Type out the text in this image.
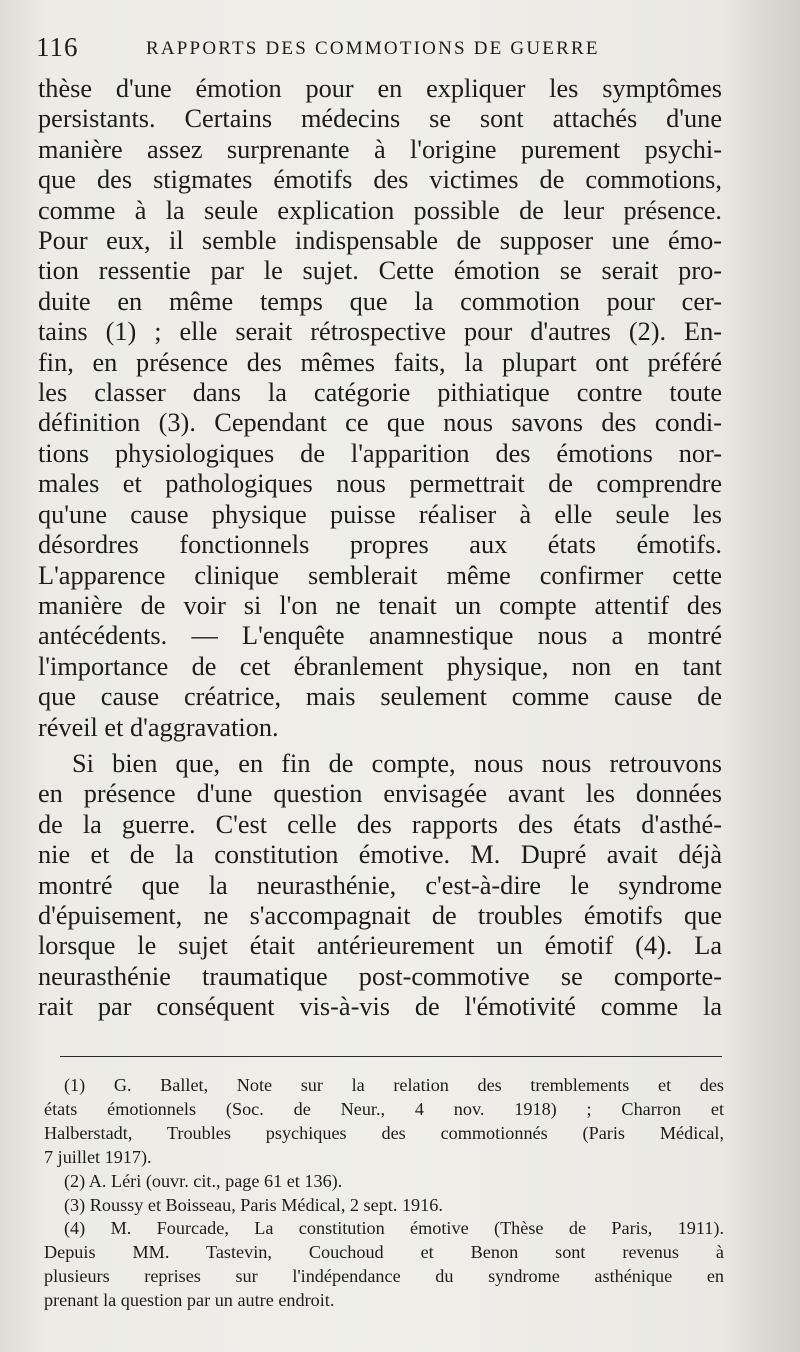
116	RAPPORTS DES COMMOTIONS DE GUERRE
thèse d'une émotion pour en expliquer les symptômes
persistants. Certains médecins se sont attachés d'une
manière assez surprenante à l'origine purement psychi-
que des stigmates émotifs des victimes de commotions,
comme à la seule explication possible de leur présence.
Pour eux, il semble indispensable de supposer une émo-
tion ressentie par le sujet. Cette émotion se serait pro-
duite en même temps que la commotion pour cer-
tains (1) ; elle serait rétrospective pour d'autres (2). En-
fin, en présence des mêmes faits, la plupart ont préféré
les classer dans la catégorie pithiatique contre toute
définition (3). Cependant ce que nous savons des condi-
tions physiologiques de l'apparition des émotions nor-
males et pathologiques nous permettrait de comprendre
qu'une cause physique puisse réaliser à elle seule les
désordres fonctionnels propres aux états émotifs.
L'apparence clinique semblerait même confirmer cette
manière de voir si l'on ne tenait un compte attentif des
antécédents. — L'enquête anamnestique nous a montré
l'importance de cet ébranlement physique, non en tant
que cause créatrice, mais seulement comme cause de
réveil et d'aggravation.
Si bien que, en fin de compte, nous nous retrouvons
en présence d'une question envisagée avant les données
de la guerre. C'est celle des rapports des états d'asthé-
nie et de la constitution émotive. M. Dupré avait déjà
montré que la neurasthénie, c'est-à-dire le syndrome
d'épuisement, ne s'accompagnait de troubles émotifs que
lorsque le sujet était antérieurement un émotif (4). La
neurasthénie traumatique post-commotive se comporte-
rait par conséquent vis-à-vis de l'émotivité comme la
(1) G. Ballet, Note sur la relation des tremblements et des
états émotionnels (Soc. de Neur., 4 nov. 1918) ; Charron et
Halberstadt, Troubles psychiques des commotionnés (Paris Médical,
7 juillet 1917).
(2) A. Léri (ouvr. cit., page 61 et 136).
(3) Roussy et Boisseau, Paris Médical, 2 sept. 1916.
(4) M. Fourcade, La constitution émotive (Thèse de Paris, 1911).
Depuis MM. Tastevin, Couchoud et Benon sont revenus à
plusieurs reprises sur l'indépendance du syndrome asthénique en
prenant la question par un autre endroit.
